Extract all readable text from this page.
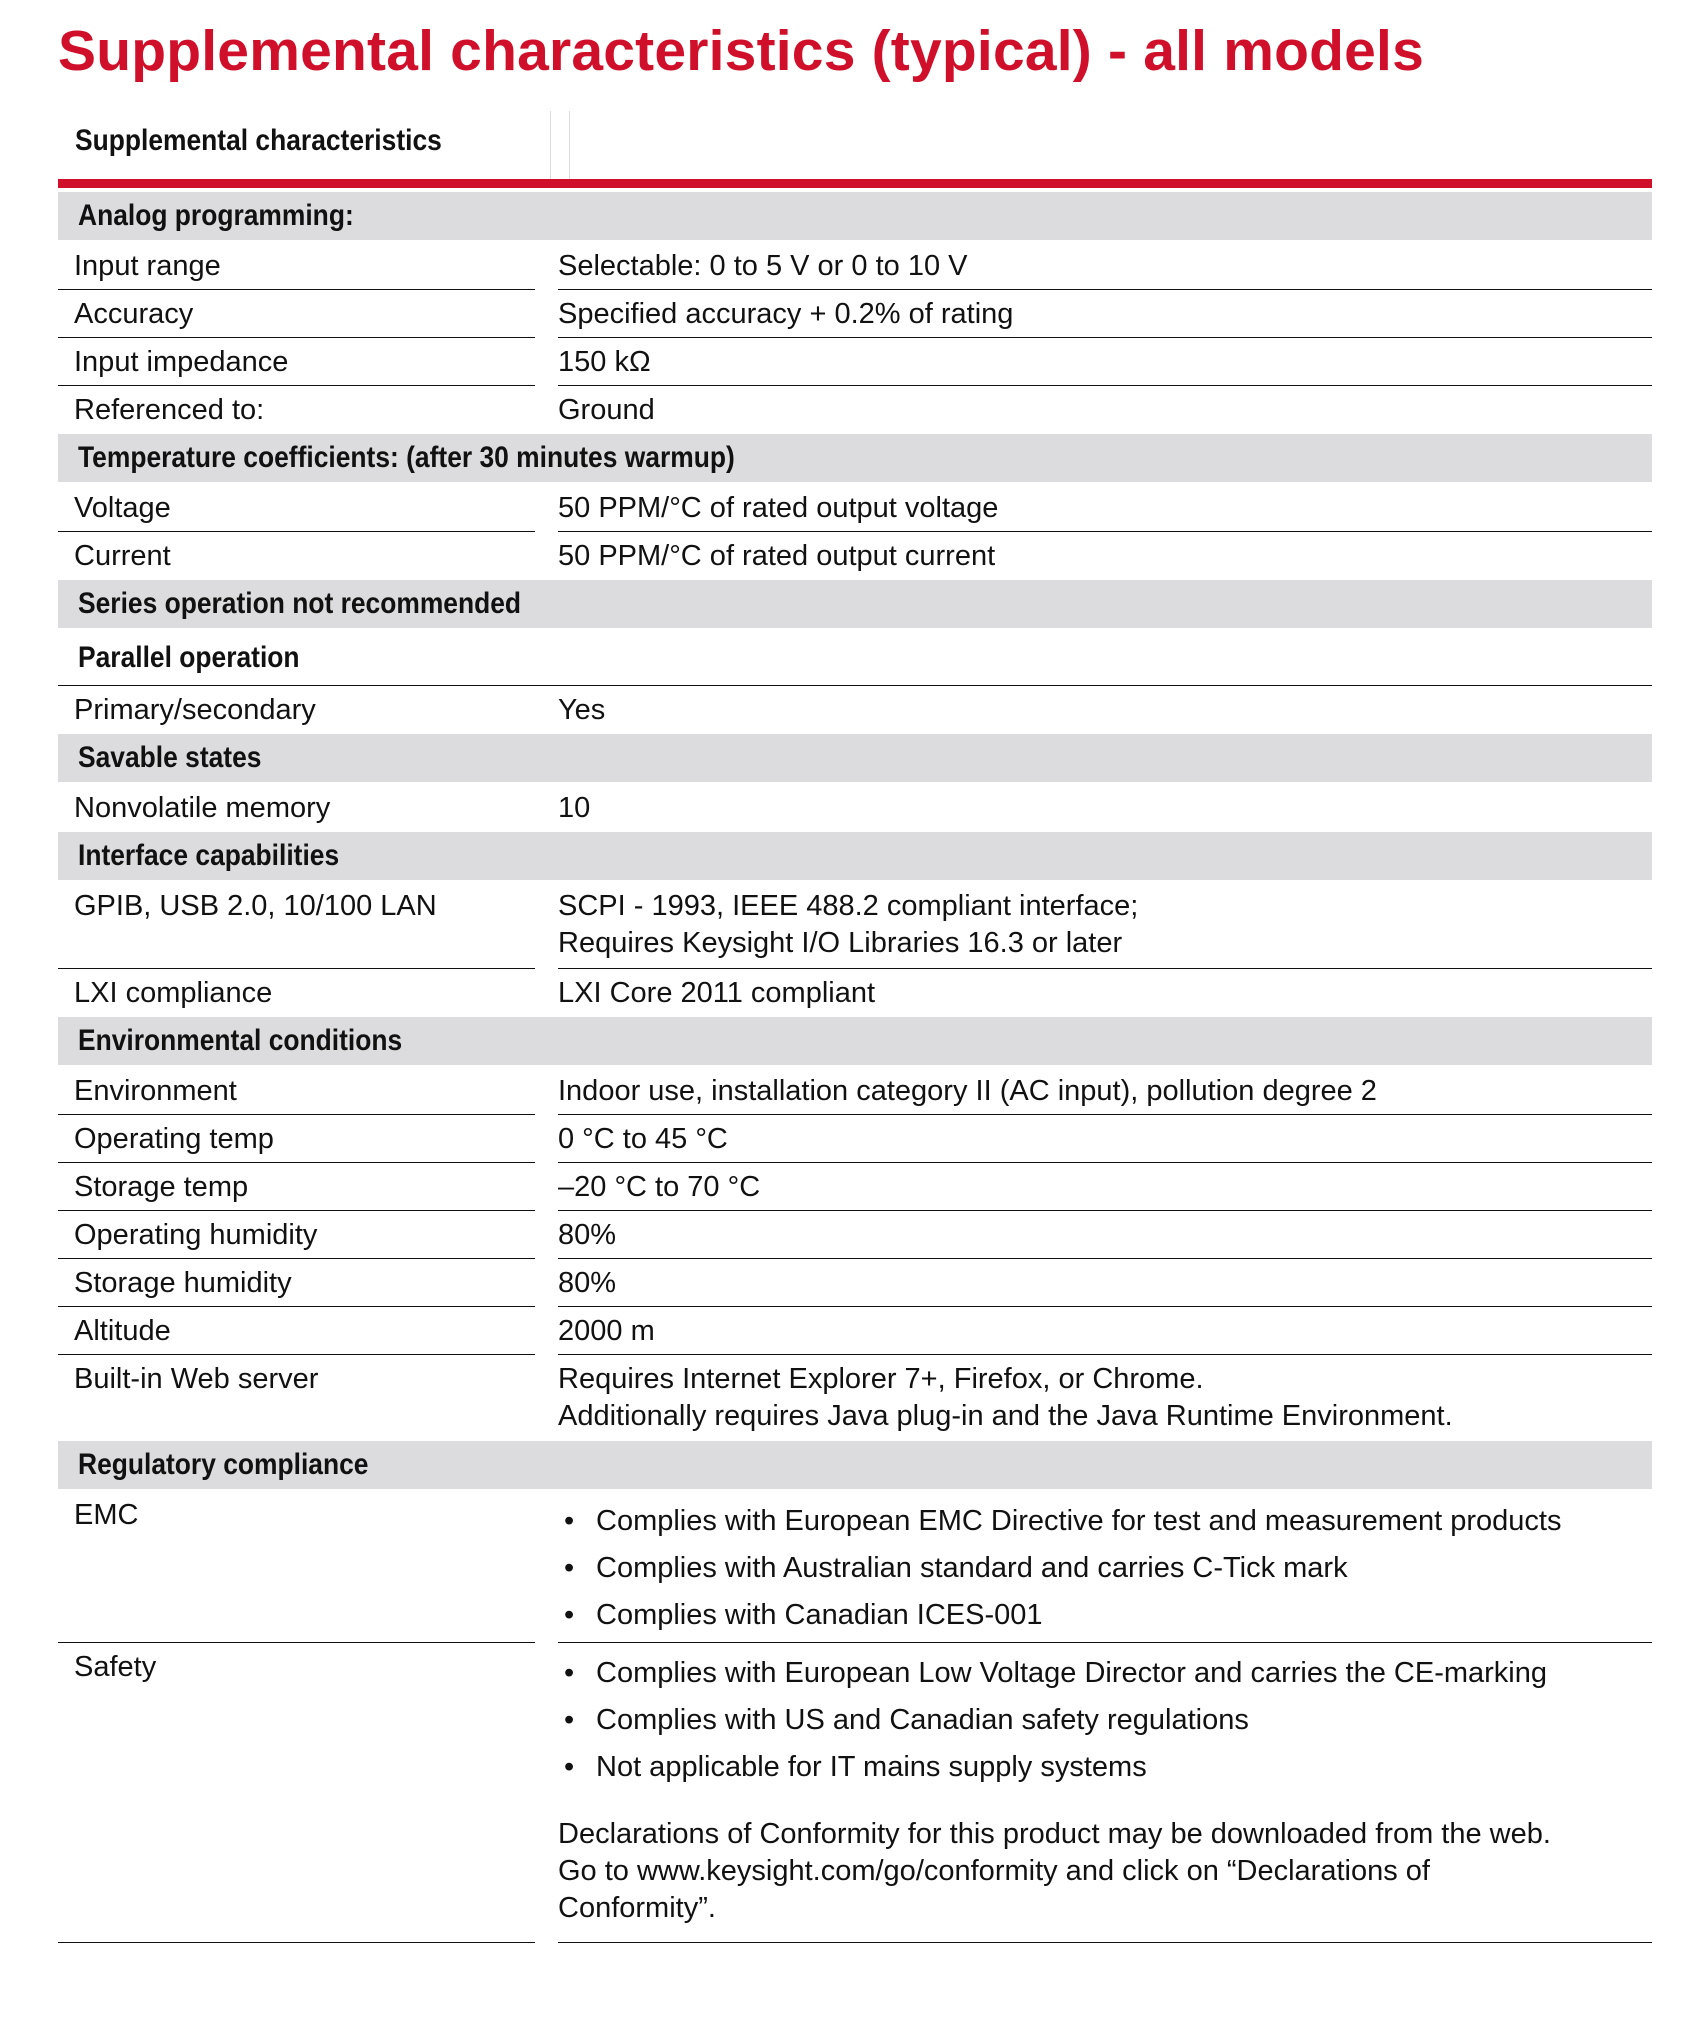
Supplemental characteristics (typical) - all models
Supplemental characteristics
Analog programming:
Input range	Selectable: 0 to 5 V or 0 to 10 V
Accuracy	Specified accuracy + 0.2% of rating
Input impedance	150 kΩ
Referenced to:	Ground
Temperature coefficients: (after 30 minutes warmup)
Voltage	50 PPM/°C of rated output voltage
Current	50 PPM/°C of rated output current
Series operation not recommended
Parallel operation
Primary/secondary	Yes
Savable states
Nonvolatile memory	10
Interface capabilities
GPIB, USB 2.0, 10/100 LAN	SCPI - 1993, IEEE 488.2 compliant interface;
Requires Keysight I/O Libraries 16.3 or later
LXI compliance	LXI Core 2011 compliant
Environmental conditions
Environment	Indoor use, installation category II (AC input), pollution degree 2
Operating temp	0 °C to 45 °C
Storage temp	–20 °C to 70 °C
Operating humidity	80%
Storage humidity	80%
Altitude	2000 m
Built-in Web server	Requires Internet Explorer 7+, Firefox, or Chrome.
Additionally requires Java plug-in and the Java Runtime Environment.
Regulatory compliance
EMC	• Complies with European EMC Directive for test and measurement products
• Complies with Australian standard and carries C-Tick mark
• Complies with Canadian ICES-001
Safety	• Complies with European Low Voltage Director and carries the CE-marking
• Complies with US and Canadian safety regulations
• Not applicable for IT mains supply systems
Declarations of Conformity for this product may be downloaded from the web.
Go to www.keysight.com/go/conformity and click on “Declarations of
Conformity”.
